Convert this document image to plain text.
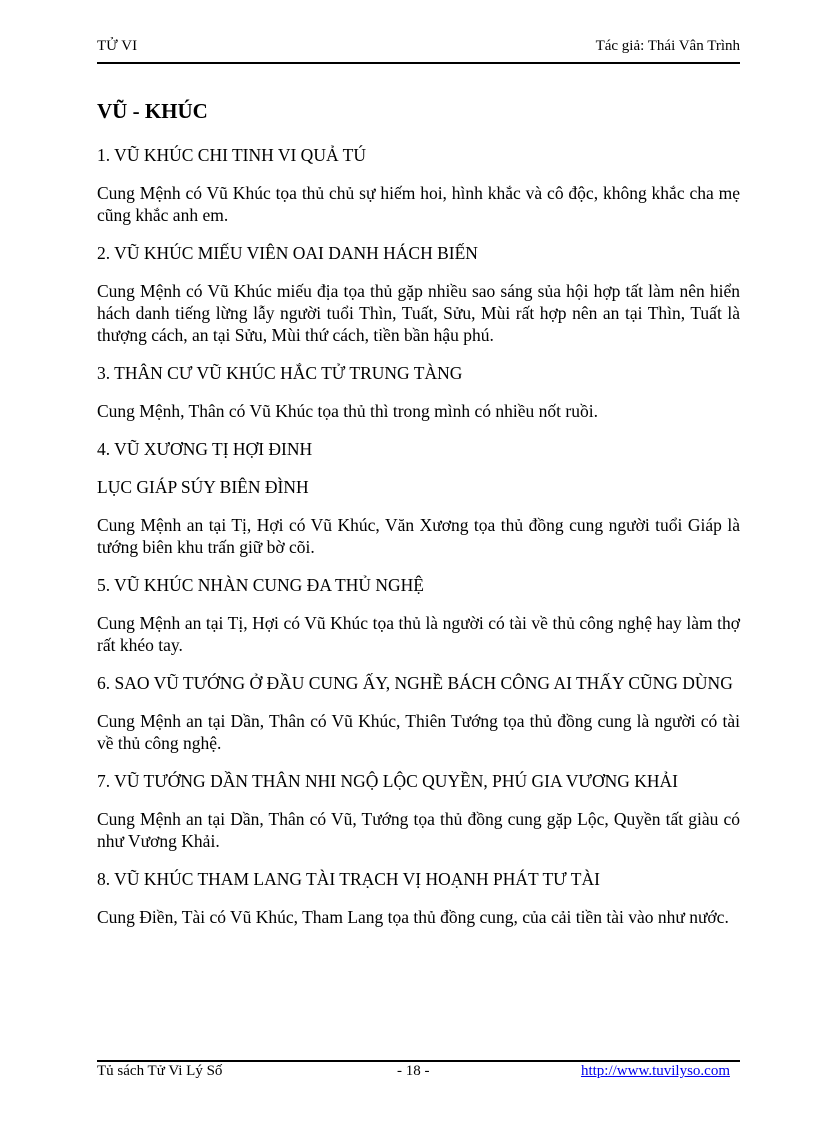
TỬ VI	Tác giả: Thái Vân Trình
VŨ - KHÚC
1. VŨ KHÚC CHI TINH VI QUẢ TÚ
Cung Mệnh có Vũ Khúc tọa thủ chủ sự hiếm hoi, hình khắc và cô độc, không khắc cha mẹ cũng khắc anh em.
2. VŨ KHÚC MIẾU VIÊN OAI DANH HÁCH BIẾN
Cung Mệnh có Vũ Khúc miếu địa tọa thủ gặp nhiều sao sáng sủa hội hợp tất làm nên hiển hách danh tiếng lừng lẫy người tuổi Thìn, Tuất, Sửu, Mùi rất hợp nên an tại Thìn, Tuất là thượng cách, an tại Sửu, Mùi thứ cách, tiền bần hậu phú.
3. THÂN CƯ VŨ KHÚC HẮC TỬ TRUNG TÀNG
Cung Mệnh, Thân có Vũ Khúc tọa thủ thì trong mình có nhiều nốt ruồi.
4. VŨ XƯƠNG TỊ HỢI ĐINH
LỤC GIÁP SÚY BIÊN ĐÌNH
Cung Mệnh an tại Tị, Hợi có Vũ Khúc, Văn Xương tọa thủ đồng cung người tuổi Giáp là tướng biên khu trấn giữ bờ cõi.
5. VŨ KHÚC NHÀN CUNG ĐA THỦ NGHỆ
Cung Mệnh an tại Tị, Hợi có Vũ Khúc tọa thủ là người có tài về thủ công nghệ hay làm thợ rất khéo tay.
6. SAO VŨ TƯỚNG Ở ĐẦU CUNG ẤY, NGHỀ BÁCH CÔNG AI THẤY CŨNG DÙNG
Cung Mệnh an tại Dần, Thân có Vũ Khúc, Thiên Tướng tọa thủ đồng cung là người có tài về thủ công nghệ.
7. VŨ TƯỚNG DẦN THÂN NHI NGỘ LỘC QUYỀN, PHÚ GIA VƯƠNG KHẢI
Cung Mệnh an tại Dần, Thân có Vũ, Tướng tọa thủ đồng cung gặp Lộc, Quyền tất giàu có như Vương Khải.
8. VŨ KHÚC THAM LANG TÀI TRẠCH VỊ HOẠNH PHÁT TƯ TÀI
Cung Điền, Tài có Vũ Khúc, Tham Lang tọa thủ đồng cung, của cải tiền tài vào như nước.
Tủ sách Tử Vi Lý Số	- 18 -	http://www.tuvilyso.com
